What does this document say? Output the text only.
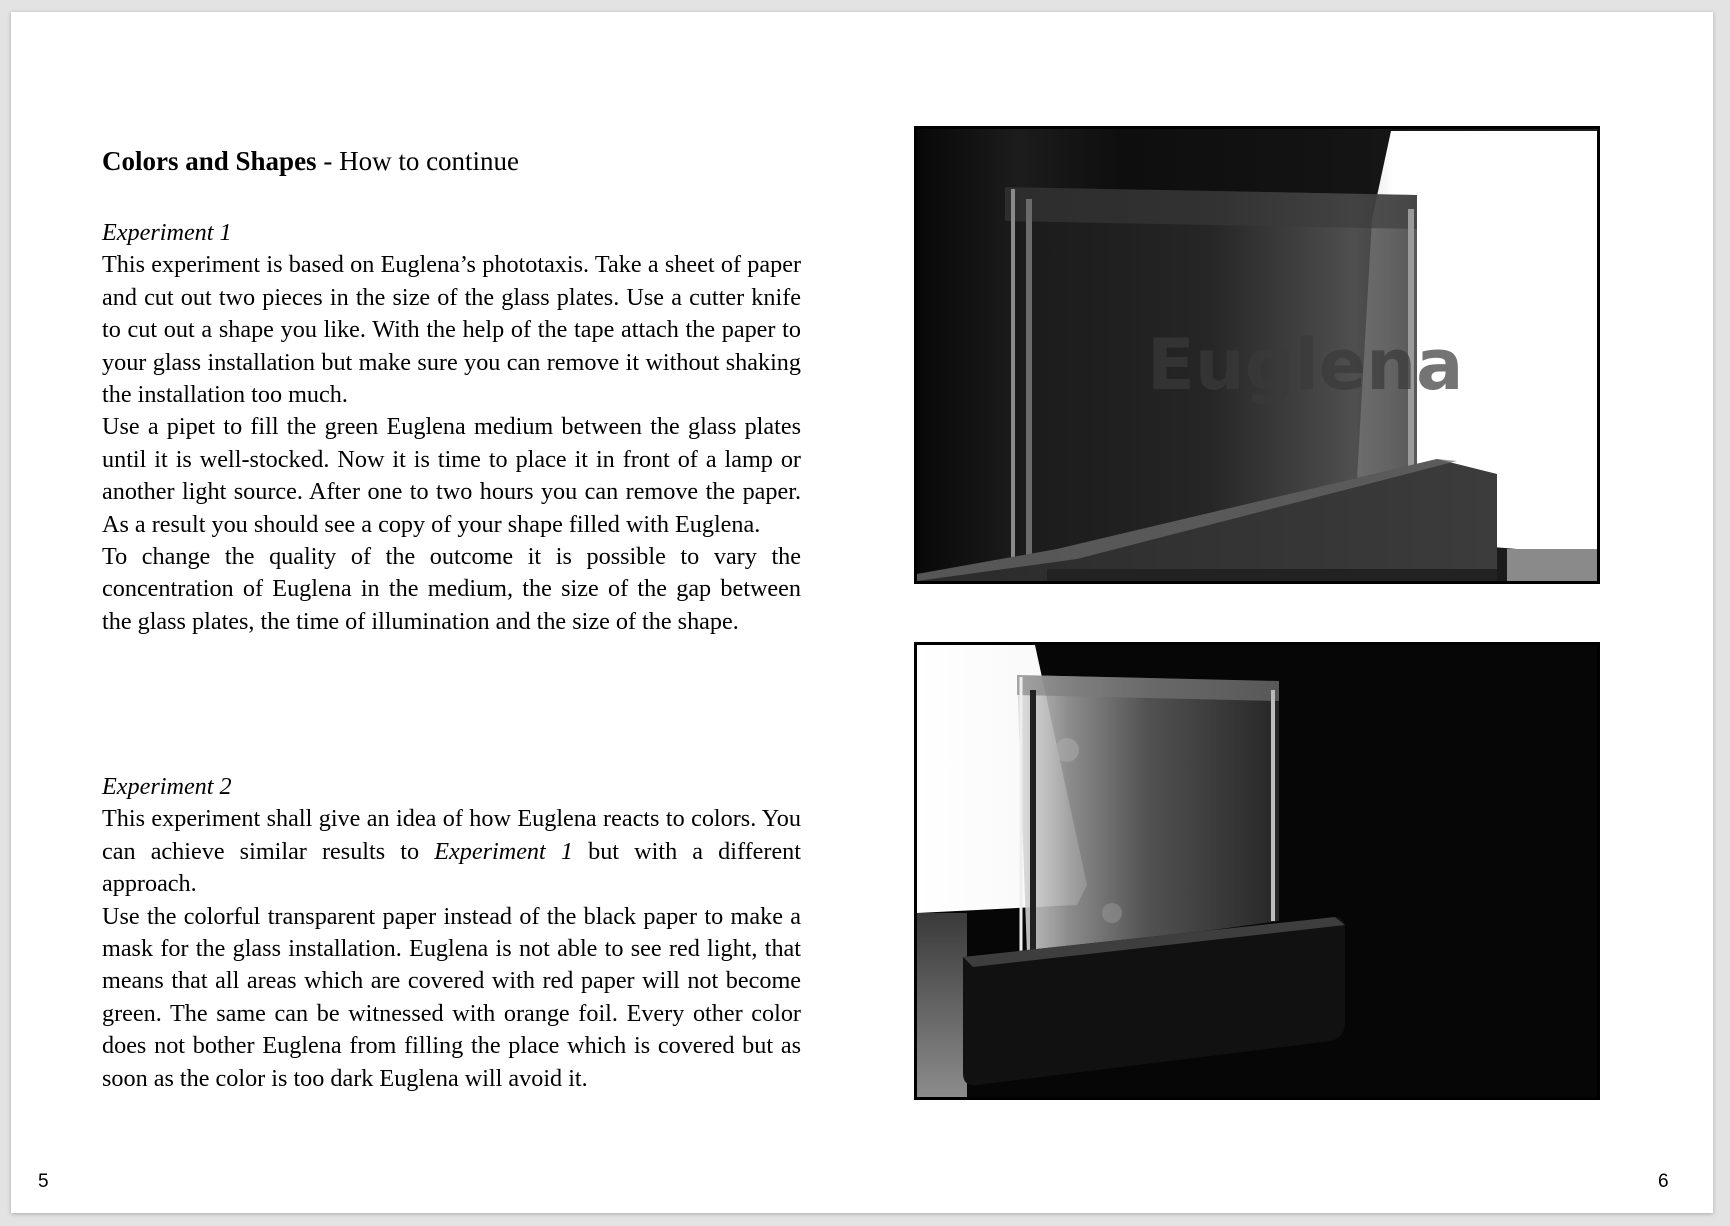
Colors and Shapes - How to continue

Experiment 1

This experiment is based on Euglena’s phototaxis. Take a sheet of paper and cut out two pieces in the size of the glass plates. Use a cutter knife to cut out a shape you like. With the help of the tape attach the paper to your glass installation but make sure you can remove it without shaking the installation too much.

Use a pipet to fill the green Euglena medium between the glass plates until it is well-stocked. Now it is time to place it in front of a lamp or another light source. After one to two hours you can remove the paper. As a result you should see a copy of your shape filled with Euglena.

To change the quality of the outcome it is possible to vary the concentration of Euglena in the medium, the size of the gap between the glass plates, the time of illumination and the size of the shape.

Experiment 2

This experiment shall give an idea of how Euglena reacts to colors. You can achieve similar results to Experiment 1 but with a different approach.

Use the colorful transparent paper instead of the black paper to make a mask for the glass installation. Euglena is not able to see red light, that means that all areas which are covered with red paper will not become green. The same can be witnessed with orange foil. Every other color does not bother Euglena from filling the place which is covered but as soon as the color is too dark Euglena will avoid it.

Euglena
5	6
